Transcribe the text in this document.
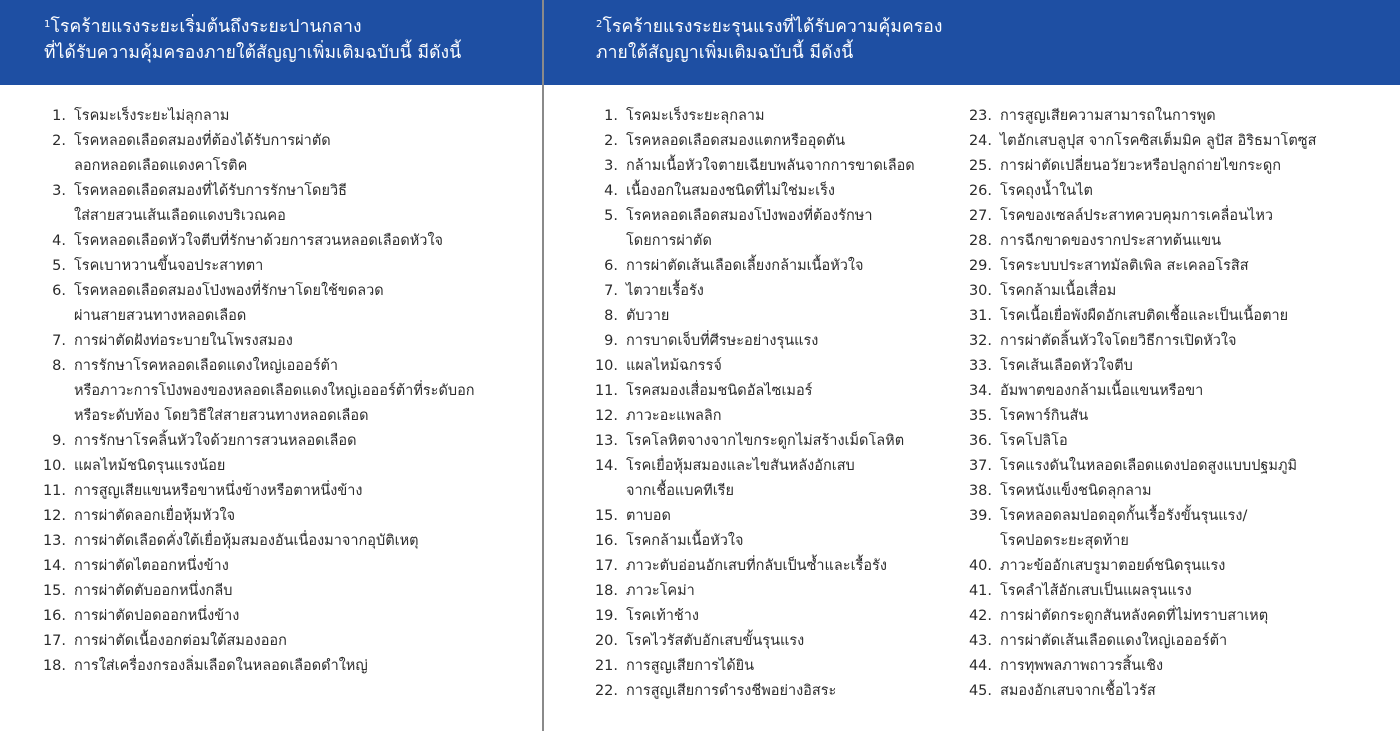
$^1$โรคร้ายแรงระยะเริ่มต้นถึงระยะปานกลาง
ที่ได้รับความคุ้มครองภายใต้สัญญาเพิ่มเติมฉบับนี้ มีดังนี้
1. โรคมะเร็งระยะไม่ลุกลาม
2. โรคหลอดเลือดสมองที่ต้องได้รับการผ่าตัด
ลอกหลอดเลือดแดงคาโรติค
3. โรคหลอดเลือดสมองที่ได้รับการรักษาโดยวิธี
ใส่สายสวนเส้นเลือดแดงบริเวณคอ
4. โรคหลอดเลือดหัวใจตีบที่รักษาด้วยการสวนหลอดเลือดหัวใจ
5. โรคเบาหวานขึ้นจอประสาทตา
6. โรคหลอดเลือดสมองโป่งพองที่รักษาโดยใช้ขดลวด
ผ่านสายสวนทางหลอดเลือด
7. การผ่าตัดฝังท่อระบายในโพรงสมอง
8. การรักษาโรคหลอดเลือดแดงใหญ่เอออร์ต้า
หรือภาวะการโป่งพองของหลอดเลือดแดงใหญ่เอออร์ต้าที่ระดับอก
หรือระดับท้อง โดยวิธีใส่สายสวนทางหลอดเลือด
9. การรักษาโรคลิ้นหัวใจด้วยการสวนหลอดเลือด
10. แผลไหม้ชนิดรุนแรงน้อย
11. การสูญเสียแขนหรือขาหนึ่งข้างหรือตาหนึ่งข้าง
12. การผ่าตัดลอกเยื่อหุ้มหัวใจ
13. การผ่าตัดเลือดคั่งใต้เยื่อหุ้มสมองอันเนื่องมาจากอุบัติเหตุ
14. การผ่าตัดไตออกหนึ่งข้าง
15. การผ่าตัดตับออกหนึ่งกลีบ
16. การผ่าตัดปอดออกหนึ่งข้าง
17. การผ่าตัดเนื้องอกต่อมใต้สมองออก
18. การใส่เครื่องกรองลิ่มเลือดในหลอดเลือดดำใหญ่
$^2$โรคร้ายแรงระยะรุนแรงที่ได้รับความคุ้มครอง
ภายใต้สัญญาเพิ่มเติมฉบับนี้ มีดังนี้
1. โรคมะเร็งระยะลุกลาม
2. โรคหลอดเลือดสมองแตกหรืออุดตัน
3. กล้ามเนื้อหัวใจตายเฉียบพลันจากการขาดเลือด
4. เนื้องอกในสมองชนิดที่ไม่ใช่มะเร็ง
5. โรคหลอดเลือดสมองโป่งพองที่ต้องรักษา
โดยการผ่าตัด
6. การผ่าตัดเส้นเลือดเลี้ยงกล้ามเนื้อหัวใจ
7. ไตวายเรื้อรัง
8. ตับวาย
9. การบาดเจ็บที่ศีรษะอย่างรุนแรง
10. แผลไหม้ฉกรรจ์
11. โรคสมองเสื่อมชนิดอัลไซเมอร์
12. ภาวะอะแพลลิก
13. โรคโลหิตจางจากไขกระดูกไม่สร้างเม็ดโลหิต
14. โรคเยื่อหุ้มสมองและไขสันหลังอักเสบ
จากเชื้อแบคทีเรีย
15. ตาบอด
16. โรคกล้ามเนื้อหัวใจ
17. ภาวะตับอ่อนอักเสบที่กลับเป็นซ้ำและเรื้อรัง
18. ภาวะโคม่า
19. โรคเท้าช้าง
20. โรคไวรัสตับอักเสบขั้นรุนแรง
21. การสูญเสียการได้ยิน
22. การสูญเสียการดำรงชีพอย่างอิสระ
23. การสูญเสียความสามารถในการพูด
24. ไตอักเสบลูปุส จากโรคซิสเต็มมิค ลูปัส อิริธมาโตซูส
25. การผ่าตัดเปลี่ยนอวัยวะหรือปลูกถ่ายไขกระดูก
26. โรคถุงน้ำในไต
27. โรคของเซลล์ประสาทควบคุมการเคลื่อนไหว
28. การฉีกขาดของรากประสาทต้นแขน
29. โรคระบบประสาทมัลติเพิล สะเคลอโรสิส
30. โรคกล้ามเนื้อเสื่อม
31. โรคเนื้อเยื่อพังผืดอักเสบติดเชื้อและเป็นเนื้อตาย
32. การผ่าตัดลิ้นหัวใจโดยวิธีการเปิดหัวใจ
33. โรคเส้นเลือดหัวใจตีบ
34. อัมพาตของกล้ามเนื้อแขนหรือขา
35. โรคพาร์กินสัน
36. โรคโปลิโอ
37. โรคแรงดันในหลอดเลือดแดงปอดสูงแบบปฐมภูมิ
38. โรคหนังแข็งชนิดลุกลาม
39. โรคหลอดลมปอดอุดกั้นเรื้อรังขั้นรุนแรง/
โรคปอดระยะสุดท้าย
40. ภาวะข้ออักเสบรูมาตอยด์ชนิดรุนแรง
41. โรคลำไส้อักเสบเป็นแผลรุนแรง
42. การผ่าตัดกระดูกสันหลังคดที่ไม่ทราบสาเหตุ
43. การผ่าตัดเส้นเลือดแดงใหญ่เอออร์ต้า
44. การทุพพลภาพถาวรสิ้นเชิง
45. สมองอักเสบจากเชื้อไวรัส
